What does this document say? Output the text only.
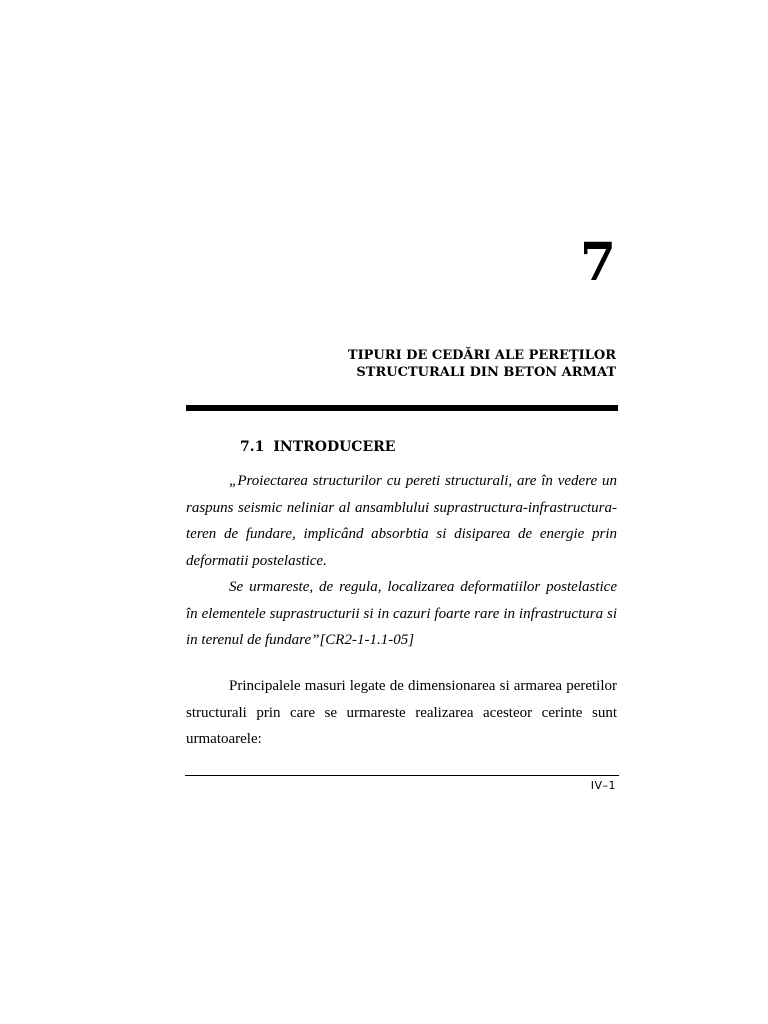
7
TIPURI DE CEDĂRI ALE PEREŢILOR
STRUCTURALI DIN BETON ARMAT
7.1 INTRODUCERE

„Proiectarea structurilor cu pereti structurali, are în vedere un raspuns seismic neliniar al ansamblului suprastructura-infrastructura-teren de fundare, implicând absorbtia si disiparea de energie prin deformatii postelastice.

Se urmareste, de regula, localizarea deformatiilor postelastice în elementele suprastructurii si in cazuri foarte rare in infrastructura si in terenul de fundare”[CR2-1-1.1-05]

Principalele masuri legate de dimensionarea si armarea peretilor structurali prin care se urmareste realizarea acesteor cerinte sunt urmatoarele:

IV–1
